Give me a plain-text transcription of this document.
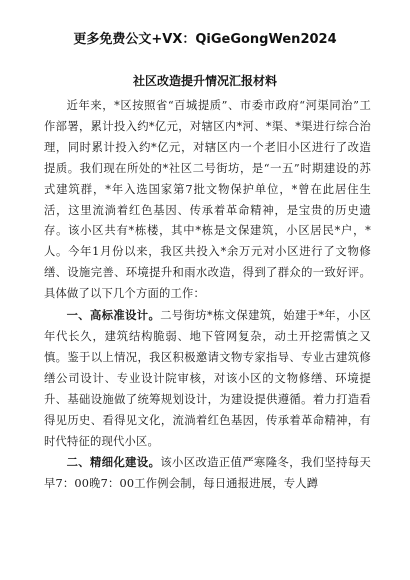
更多免费公文+VX：QiGeGongWen2024
社区改造提升情况汇报材料

近年来，*区按照省“百城提质”、市委市政府“河渠同治”工作部署，累计投入约*亿元，对辖区内*河、*渠、*渠进行综合治理，同时累计投入约*亿元，对辖区内一个老旧小区进行了改造提质。我们现在所处的*社区二号街坊，是“一五”时期建设的苏式建筑群，*年入选国家第7批文物保护单位，*曾在此居住生活，这里流淌着红色基因、传承着革命精神，是宝贵的历史遗存。该小区共有*栋楼，其中*栋是文保建筑，小区居民*户，*人。今年1月份以来，我区共投入*余万元对小区进行了文物修缮、设施完善、环境提升和雨水改造，得到了群众的一致好评。具体做了以下几个方面的工作：

一、高标准设计。二号街坊*栋文保建筑，始建于*年，小区年代长久，建筑结构脆弱、地下管网复杂，动土开挖需慎之又慎。鉴于以上情况，我区积极邀请文物专家指导、专业古建筑修缮公司设计、专业设计院审核，对该小区的文物修缮、环境提升、基础设施做了统筹规划设计，为建设提供遵循。着力打造看得见历史、看得见文化，流淌着红色基因，传承着革命精神，有时代特征的现代小区。

二、精细化建设。该小区改造正值严寒隆冬，我们坚持每天早7：00晚7：00工作例会制，每日通报进展，专人蹲
